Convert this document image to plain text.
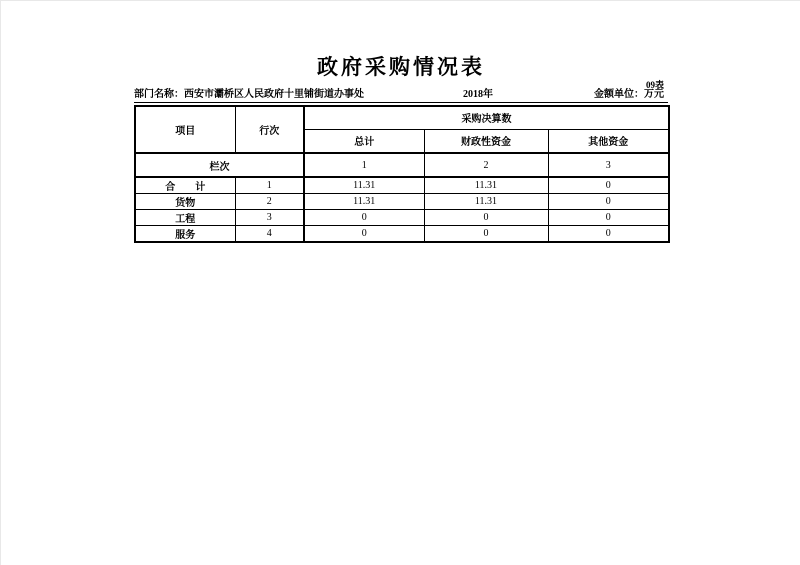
政府采购情况表
09表
部门名称：西安市灞桥区人民政府十里铺街道办事处	2018年	金额单位：万元
项目	行次	采购决算数		
		总计	财政性资金	其他资金
栏次		1	2	3
合　　计	1	11.31	11.31	0
货物	2	11.31	11.31	0
工程	3	0	0	0
服务	4	0	0	0
